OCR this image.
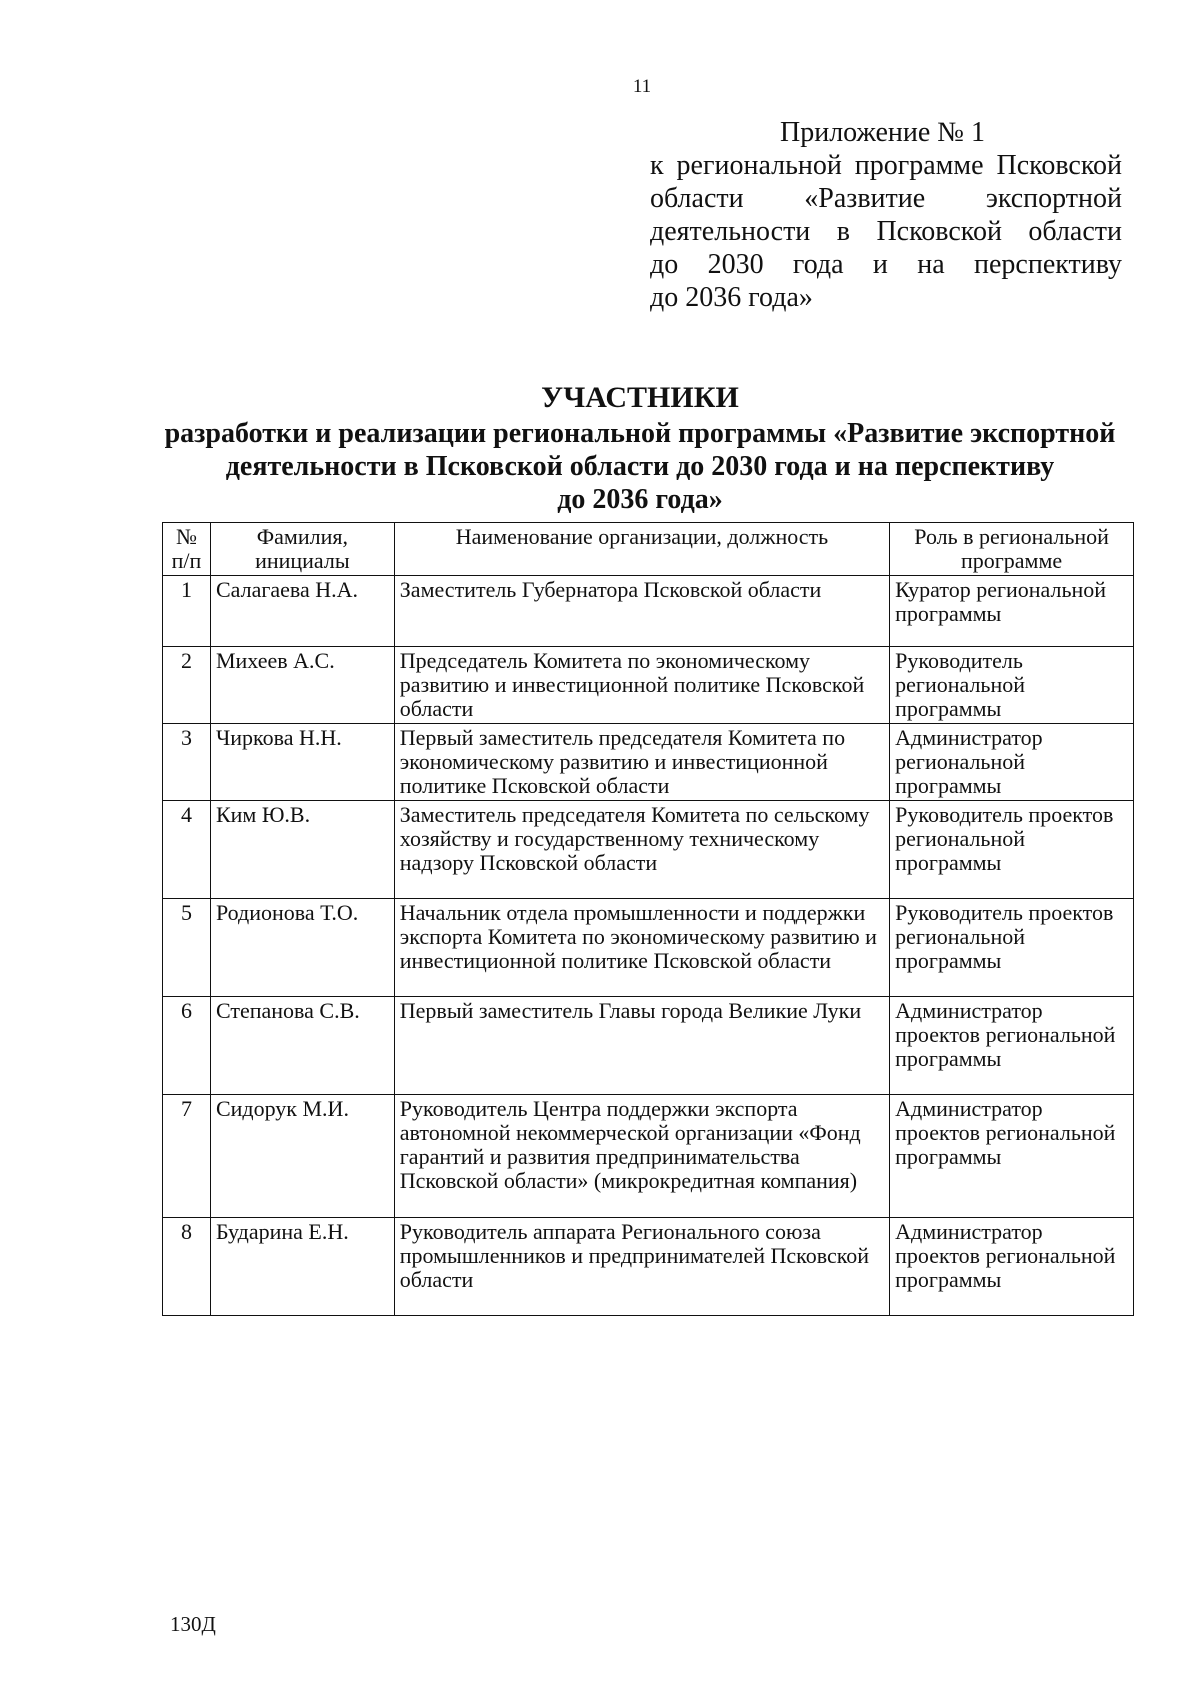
11
Приложение № 1
к региональной программе Псковской
области «Развитие экспортной
деятельности в Псковской области
до 2030 года и на перспективу
до 2036 года»
УЧАСТНИКИ
разработки и реализации региональной программы «Развитие экспортной
деятельности в Псковской области до 2030 года и на перспективу
до 2036 года»
№ п/п	Фамилия, инициалы	Наименование организации, должность	Роль в региональной программе
1	Салагаева Н.А.	Заместитель Губернатора Псковской области	Куратор региональной программы
2	Михеев А.С.	Председатель Комитета по экономическому развитию и инвестиционной политике Псковской области	Руководитель региональной программы
3	Чиркова Н.Н.	Первый заместитель председателя Комитета по экономическому развитию и инвестиционной политике Псковской области	Администратор региональной программы
4	Ким Ю.В.	Заместитель председателя Комитета по сельскому хозяйству и государственному техническому надзору Псковской области	Руководитель проектов региональной программы
5	Родионова Т.О.	Начальник отдела промышленности и поддержки экспорта Комитета по экономическому развитию и инвестиционной политике Псковской области	Руководитель проектов региональной программы
6	Степанова С.В.	Первый заместитель Главы города Великие Луки	Администратор проектов региональной программы
7	Сидорук М.И.	Руководитель Центра поддержки экспорта автономной некоммерческой организации «Фонд гарантий и развития предпринимательства Псковской области» (микрокредитная компания)	Администратор проектов региональной программы
8	Бударина Е.Н.	Руководитель аппарата Регионального союза промышленников и предпринимателей Псковской области	Администратор проектов региональной программы
130Д
